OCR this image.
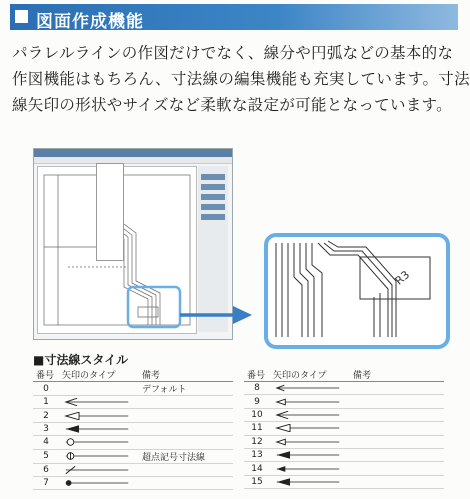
図面作成機能

パラレルラインの作図だけでなく、線分や円弧などの基本的な

作図機能はもちろん、寸法線の編集機能も充実しています。寸法

線矢印の形状やサイズなど柔軟な設定が可能となっています。

R3
■寸法線スタイル
番号	矢印のタイプ	備考
0		デフォルト
1	

2	

3	

4	

5		超点記号寸法線
6	

7	

番号	矢印のタイプ	備考
8	

9	

10	

11	

12	

13	

14	

15	
